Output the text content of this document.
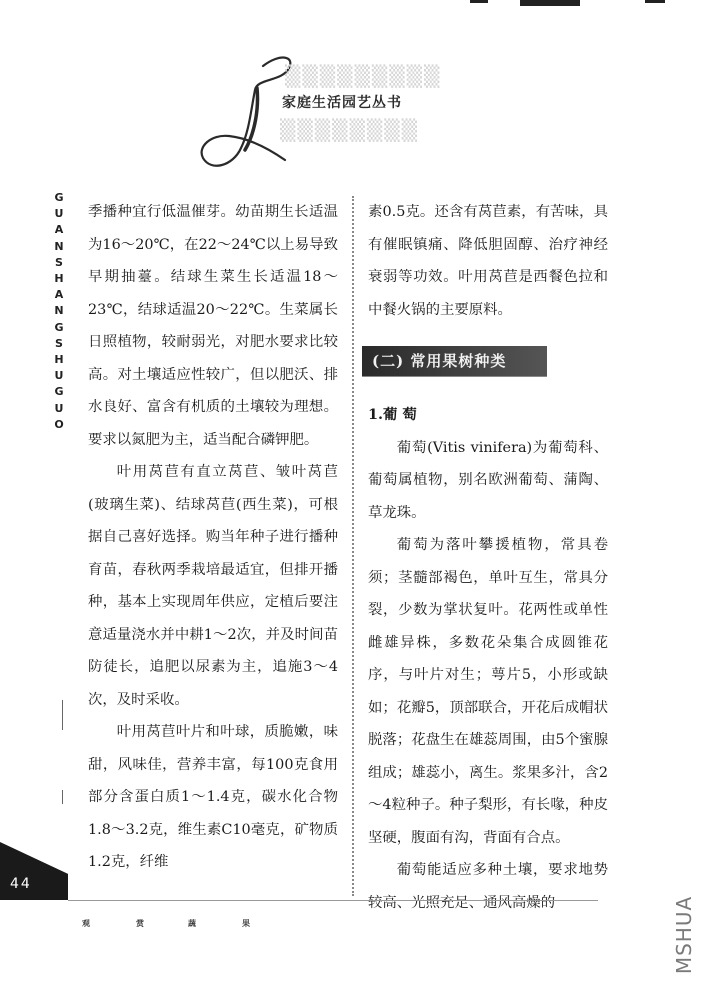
▒▒▒▒▒▒▒▒▒
▒▒▒▒▒▒▒▒
家庭生活园艺丛书
G
U
A
N
S
H
A
N
G
S
H
U
G
U
O

季播种宜行低温催芽。幼苗期生长适温为16～20℃，在22～24℃以上易导致早期抽薹。结球生菜生长适温18～23℃，结球适温20～22℃。生菜属长日照植物，较耐弱光，对肥水要求比较高。对土壤适应性较广，但以肥沃、排水良好、富含有机质的土壤较为理想。要求以氮肥为主，适当配合磷钾肥。

叶用莴苣有直立莴苣、皱叶莴苣(玻璃生菜)、结球莴苣(西生菜)，可根据自己喜好选择。购当年种子进行播种育苗，春秋两季栽培最适宜，但排开播种，基本上实现周年供应，定植后要注意适量浇水并中耕1～2次，并及时间苗防徒长，追肥以尿素为主，追施3～4次，及时采收。

叶用莴苣叶片和叶球，质脆嫩，味甜，风味佳，营养丰富，每100克食用部分含蛋白质1～1.4克，碳水化合物1.8～3.2克，维生素C10毫克，矿物质1.2克，纤维

素0.5克。还含有莴苣素，有苦味，具有催眠镇痛、降低胆固醇、治疗神经衰弱等功效。叶用莴苣是西餐色拉和中餐火锅的主要原料。

(二) 常用果树种类

1.葡 萄

葡萄(Vitis vinifera)为葡萄科、葡萄属植物，别名欧洲葡萄、蒲陶、草龙珠。

葡萄为落叶攀援植物，常具卷须；茎髓部褐色，单叶互生，常具分裂，少数为掌状复叶。花两性或单性雌雄异株，多数花朵集合成圆锥花序，与叶片对生；萼片5，小形或缺如；花瓣5，顶部联合，开花后成帽状脱落；花盘生在雄蕊周围，由5个蜜腺组成；雄蕊小，离生。浆果多汁，含2～4粒种子。种子梨形，有长喙，种皮坚硬，腹面有沟，背面有合点。

葡萄能适应多种土壤，要求地势较高、光照充足、通风高燥的

44
观	赏	蔬	果	MSHUA
